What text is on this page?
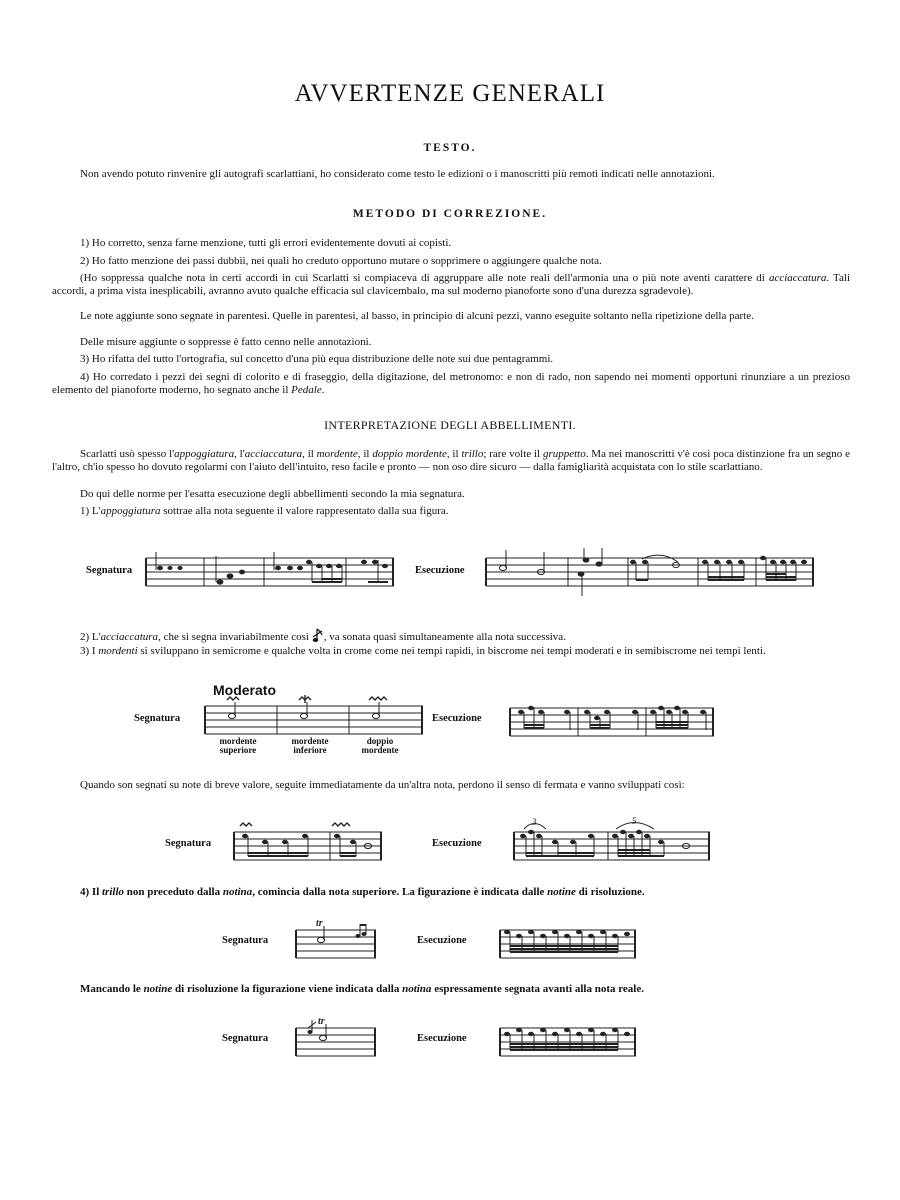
AVVERTENZE GENERALI
TESTO.
Non avendo potuto rinvenire gli autografi scarlattiani, ho considerato come testo le edizioni o i manoscritti più remoti indicati nelle annotazioni.
METODO DI CORREZIONE.
1) Ho corretto, senza farne menzione, tutti gli errori evidentemente dovuti ai copisti.
2) Ho fatto menzione dei passi dubbii, nei quali ho creduto opportuno mutare o sopprimere o aggiungere qualche nota.
(Ho soppressa qualche nota in certi accordi in cui Scarlatti si compiaceva di aggruppare alle note reali dell'armonia una o più note aventi carattere di acciaccatura. Tali accordi, a prima vista inesplicabili, avranno avuto qualche efficacia sul clavicembalo, ma sul moderno pianoforte sono d'una durezza sgradevole).
Le note aggiunte sono segnate in parentesi. Quelle in parentesi, al basso, in principio di alcuni pezzi, vanno eseguite soltanto nella ripetizione della parte.
Delle misure aggiunte o soppresse è fatto cenno nelle annotazioni.
3) Ho rifatta del tutto l'ortografia, sul concetto d'una più equa distribuzione delle note sui due pentagrammi.
4) Ho corredato i pezzi dei segni di colorito e di fraseggio, della digitazione, del metronomo: e non di rado, non sapendo nei momenti opportuni rinunziare a un prezioso elemento del pianoforte moderno, ho segnato anche il Pedale.
INTERPRETAZIONE DEGLI ABBELLIMENTI.
Scarlatti usò spesso l'appoggiatura, l'acciaccatura, il mordente, il doppio mordente, il trillo; rare volte il gruppetto. Ma nei manoscritti v'è così poca distinzione fra un segno e l'altro, ch'io spesso ho dovuto regolarmi con l'aiuto dell'intuito, reso facile e pronto — non oso dire sicuro — dalla famigliarità acquistata con lo stile scarlattiano.
Do qui delle norme per l'esatta esecuzione degli abbellimenti secondo la mia segnatura.
1) L'appoggiatura sottrae alla nota seguente il valore rappresentato dalla sua figura.
Segnatura	Esecuzione
2) L'acciaccatura, che si segna invariabilmente così , va sonata quasi simultaneamente alla nota successiva.
3) I mordenti si sviluppano in semicrome e qualche volta in crome come nei tempi rapidi, in biscrome nei tempi moderati e in semibiscrome nei tempi lenti.
Moderato
Segnatura
mordente
superiore
mordente
inferiore
doppio
mordente
Esecuzione
Quando son segnati su note di breve valore, seguite immediatamente da un'altra nota, perdono il senso di fermata e vanno sviluppati così:
Segnatura	Esecuzione
3	5
4) Il trillo non preceduto dalla notina, comincia dalla nota superiore. La figurazione è indicata dalle notine di risoluzione.
Segnatura
tr
Esecuzione
Mancando le notine di risoluzione la figurazione viene indicata dalla notina espressamente segnata avanti alla nota reale.
Segnatura
tr
Esecuzione
